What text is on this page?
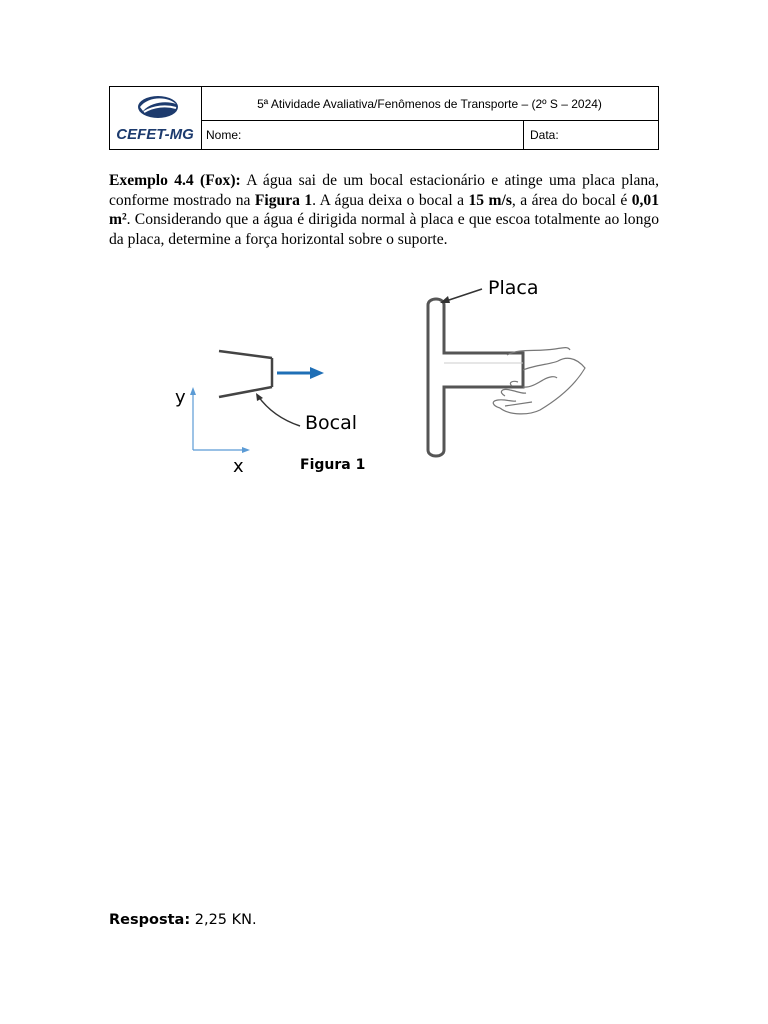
CEFET-MG
5ª Atividade Avaliativa/Fenômenos de Transporte – (2º S – 2024)
Nome:	Data:
Exemplo 4.4 (Fox): A água sai de um bocal estacionário e atinge uma placa plana, conforme mostrado na Figura 1. A água deixa o bocal a 15 m/s, a área do bocal é 0,01 m². Considerando que a água é dirigida normal à placa e que escoa totalmente ao longo da placa, determine a força horizontal sobre o suporte.
Bocal
y
x
Placa
Figura 1
Resposta: 2,25 KN.
